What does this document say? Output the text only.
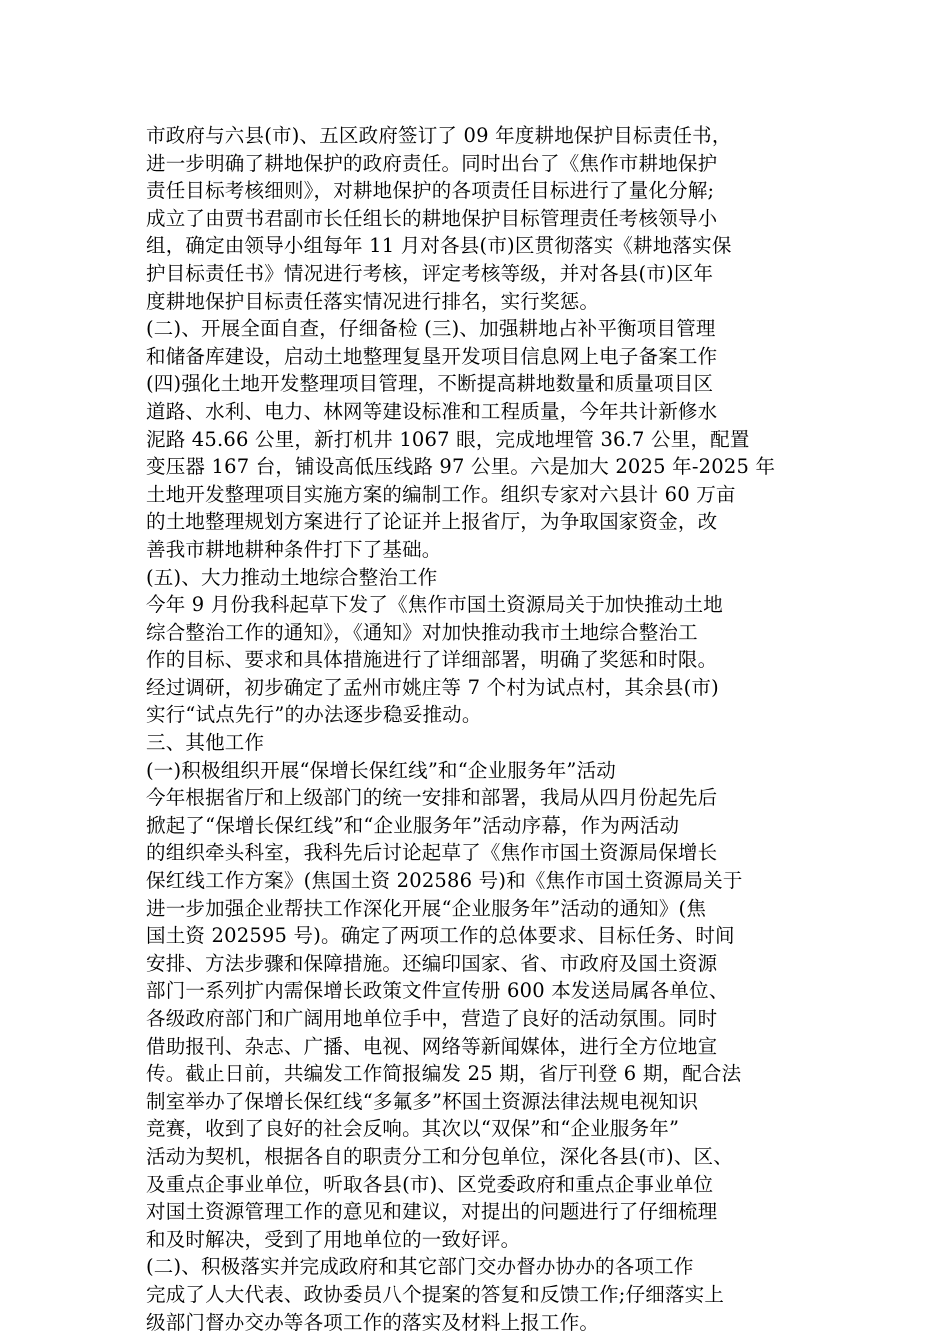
市政府与六县(市)、五区政府签订了 09 年度耕地保护目标责任书，
进一步明确了耕地保护的政府责任。同时出台了《焦作市耕地保护
责任目标考核细则》，对耕地保护的各项责任目标进行了量化分解;
成立了由贾书君副市长任组长的耕地保护目标管理责任考核领导小
组，确定由领导小组每年 11 月对各县(市)区贯彻落实《耕地落实保
护目标责任书》情况进行考核，评定考核等级，并对各县(市)区年
度耕地保护目标责任落实情况进行排名，实行奖惩。
(二)、开展全面自查，仔细备检 (三)、加强耕地占补平衡项目管理
和储备库建设，启动土地整理复垦开发项目信息网上电子备案工作
(四)强化土地开发整理项目管理，不断提高耕地数量和质量项目区
道路、水利、电力、林网等建设标准和工程质量，今年共计新修水
泥路 45.66 公里，新打机井 1067 眼，完成地埋管 36.7 公里，配置
变压器 167 台，铺设高低压线路 97 公里。六是加大 2025 年-2025 年
土地开发整理项目实施方案的编制工作。组织专家对六县计 60 万亩
的土地整理规划方案进行了论证并上报省厅，为争取国家资金，改
善我市耕地耕种条件打下了基础。
(五)、大力推动土地综合整治工作
今年 9 月份我科起草下发了《焦作市国土资源局关于加快推动土地
综合整治工作的通知》，《通知》对加快推动我市土地综合整治工
作的目标、要求和具体措施进行了详细部署，明确了奖惩和时限。
经过调研，初步确定了孟州市姚庄等 7 个村为试点村，其余县(市)
实行“试点先行”的办法逐步稳妥推动。
三、其他工作
(一)积极组织开展“保增长保红线”和“企业服务年”活动
今年根据省厅和上级部门的统一安排和部署，我局从四月份起先后
掀起了“保增长保红线”和“企业服务年”活动序幕，作为两活动
的组织牵头科室，我科先后讨论起草了《焦作市国土资源局保增长
保红线工作方案》(焦国土资 202586 号)和《焦作市国土资源局关于
进一步加强企业帮扶工作深化开展“企业服务年”活动的通知》(焦
国土资 202595 号)。确定了两项工作的总体要求、目标任务、时间
安排、方法步骤和保障措施。还编印国家、省、市政府及国土资源
部门一系列扩内需保增长政策文件宣传册 600 本发送局属各单位、
各级政府部门和广阔用地单位手中，营造了良好的活动氛围。同时
借助报刊、杂志、广播、电视、网络等新闻媒体，进行全方位地宣
传。截止日前，共编发工作简报编发 25 期，省厅刊登 6 期，配合法
制室举办了保增长保红线“多氟多”杯国土资源法律法规电视知识
竞赛，收到了良好的社会反响。其次以“双保”和“企业服务年”
活动为契机，根据各自的职责分工和分包单位，深化各县(市)、区、
及重点企事业单位，听取各县(市)、区党委政府和重点企事业单位
对国土资源管理工作的意见和建议，对提出的问题进行了仔细梳理
和及时解决，受到了用地单位的一致好评。
(二)、积极落实并完成政府和其它部门交办督办协办的各项工作
完成了人大代表、政协委员八个提案的答复和反馈工作;仔细落实上
级部门督办交办等各项工作的落实及材料上报工作。
